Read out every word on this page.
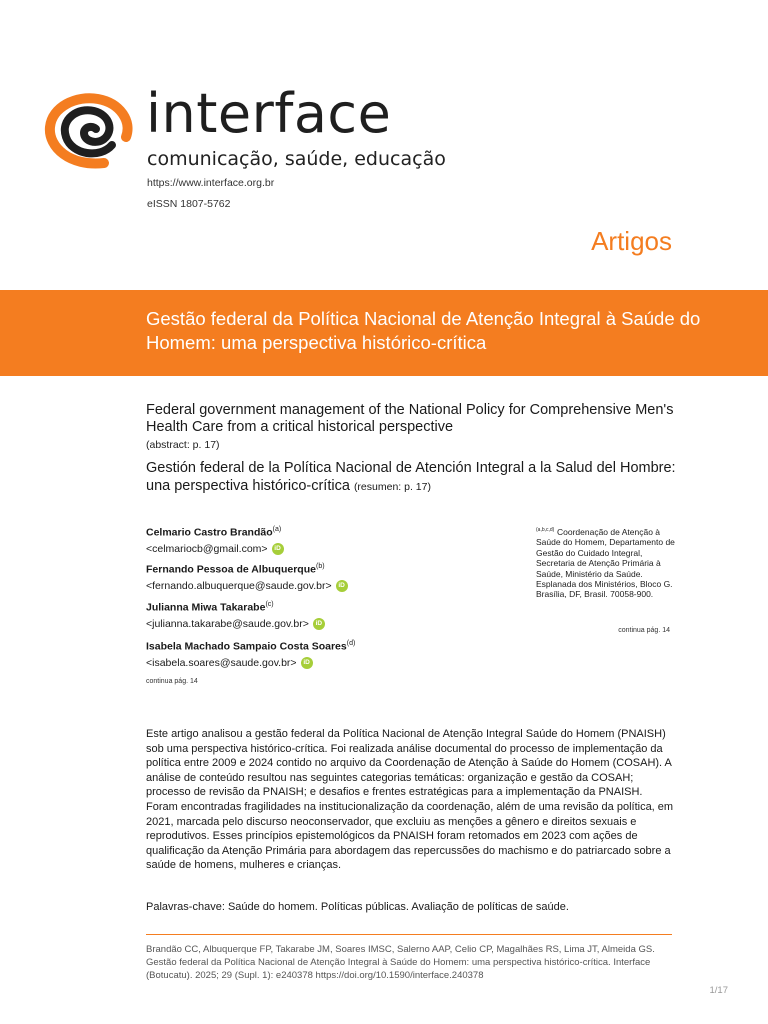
interface
comunicação, saúde, educação
https://www.interface.org.br
eISSN 1807-5762
Artigos
Gestão federal da Política Nacional de Atenção Integral à Saúde do Homem: uma perspectiva histórico-crítica
Federal government management of the National Policy for Comprehensive Men's Health Care from a critical historical perspective
(abstract: p. 17)
Gestión federal de la Política Nacional de Atención Integral a la Salud del Hombre: una perspectiva histórico-crítica (resumen: p. 17)
Celmario Castro Brandão$^{(a)}$
<celmariocb@gmail.com>	iD
Fernando Pessoa de Albuquerque$^{(b)}$
<fernando.albuquerque@saude.gov.br>	iD
Julianna Miwa Takarabe$^{(c)}$
<julianna.takarabe@saude.gov.br>	iD
Isabela Machado Sampaio Costa Soares$^{(d)}$
<isabela.soares@saude.gov.br>	iD
continua pág. 14
(a,b,c,d) Coordenação de Atenção à Saúde do Homem, Departamento de Gestão do Cuidado Integral, Secretaria de Atenção Primária à Saúde, Ministério da Saúde. Esplanada dos Ministérios, Bloco G. Brasília, DF, Brasil. 70058-900.
continua pág. 14
Este artigo analisou a gestão federal da Política Nacional de Atenção Integral Saúde do Homem (PNAISH) sob uma perspectiva histórico-crítica. Foi realizada análise documental do processo de implementação da política entre 2009 e 2024 contido no arquivo da Coordenação de Atenção à Saúde do Homem (COSAH). A análise de conteúdo resultou nas seguintes categorias temáticas: organização e gestão da COSAH; processo de revisão da PNAISH; e desafios e frentes estratégicas para a implementação da PNAISH. Foram encontradas fragilidades na institucionalização da coordenação, além de uma revisão da política, em 2021, marcada pelo discurso neoconservador, que excluiu as menções a gênero e direitos sexuais e reprodutivos. Esses princípios epistemológicos da PNAISH foram retomados em 2023 com ações de qualificação da Atenção Primária para abordagem das repercussões do machismo e do patriarcado sobre a saúde de homens, mulheres e crianças.
Palavras-chave: Saúde do homem. Políticas públicas. Avaliação de políticas de saúde.
Brandão CC, Albuquerque FP, Takarabe JM, Soares IMSC, Salerno AAP, Celio CP, Magalhães RS, Lima JT, Almeida GS. Gestão federal da Política Nacional de Atenção Integral à Saúde do Homem: uma perspectiva histórico-crítica. Interface (Botucatu). 2025; 29 (Supl. 1): e240378 https://doi.org/10.1590/interface.240378
1/17
